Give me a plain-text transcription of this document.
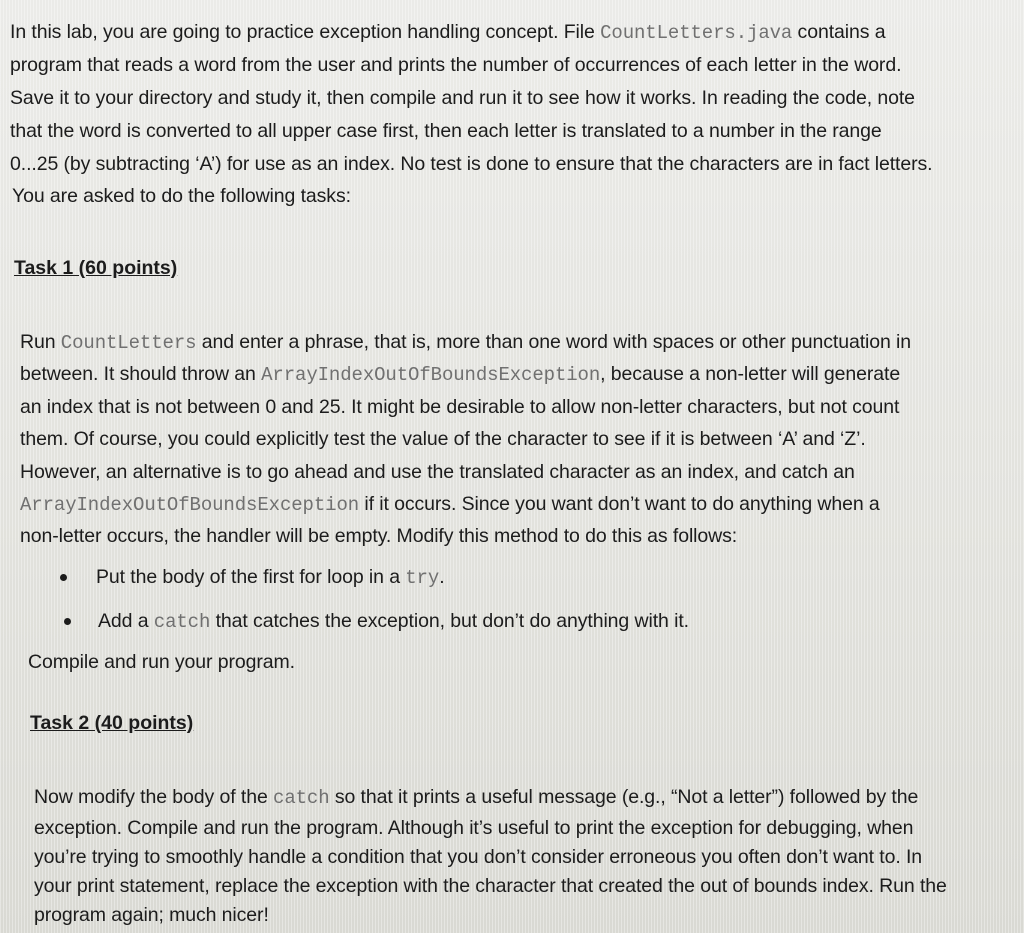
In this lab, you are going to practice exception handling concept. File CountLetters.java contains a
program that reads a word from the user and prints the number of occurrences of each letter in the word.
Save it to your directory and study it, then compile and run it to see how it works. In reading the code, note
that the word is converted to all upper case first, then each letter is translated to a number in the range
0...25 (by subtracting ‘A’) for use as an index. No test is done to ensure that the characters are in fact letters.
You are asked to do the following tasks:
Task 1 (60 points)
Run CountLetters and enter a phrase, that is, more than one word with spaces or other punctuation in
between. It should throw an ArrayIndexOutOfBoundsException, because a non-letter will generate
an index that is not between 0 and 25. It might be desirable to allow non-letter characters, but not count
them. Of course, you could explicitly test the value of the character to see if it is between ‘A’ and ‘Z’.
However, an alternative is to go ahead and use the translated character as an index, and catch an
ArrayIndexOutOfBoundsException if it occurs. Since you want don’t want to do anything when a
non-letter occurs, the handler will be empty. Modify this method to do this as follows:
Put the body of the first for loop in a try.
Add a catch that catches the exception, but don’t do anything with it.
Compile and run your program.
Task 2 (40 points)
Now modify the body of the catch so that it prints a useful message (e.g., “Not a letter”) followed by the
exception. Compile and run the program. Although it’s useful to print the exception for debugging, when
you’re trying to smoothly handle a condition that you don’t consider erroneous you often don’t want to. In
your print statement, replace the exception with the character that created the out of bounds index. Run the
program again; much nicer!
